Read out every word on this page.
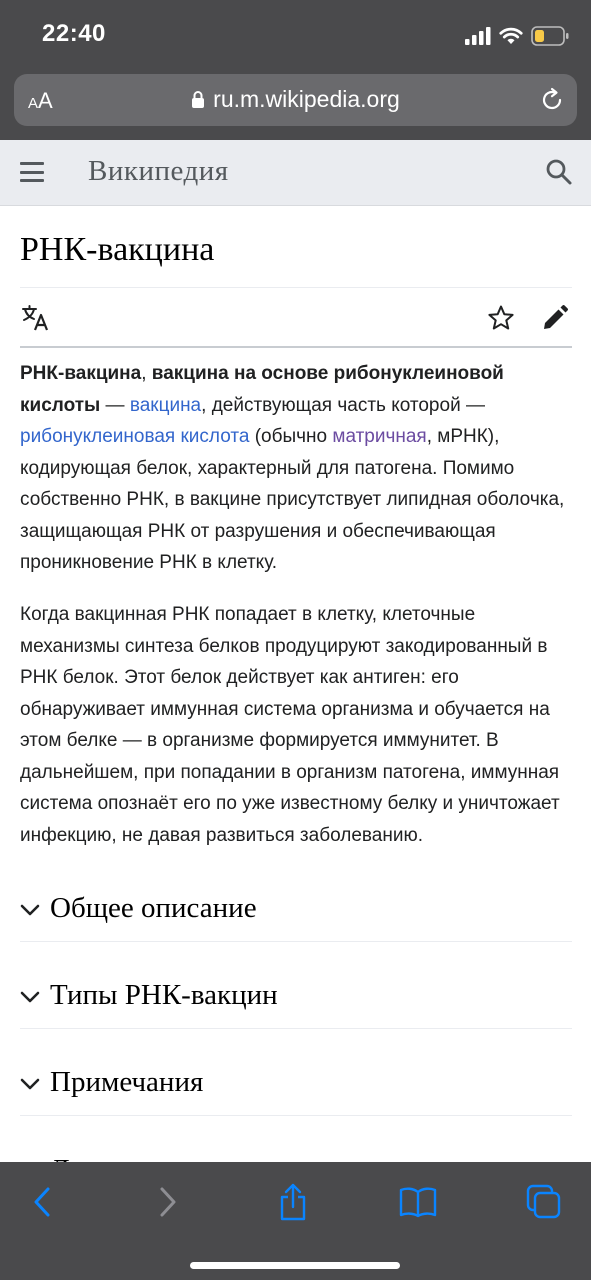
22:40
AA	ru.m.wikipedia.org
Википедия
РНК-вакцина

РНК-вакцина, вакцина на основе рибонуклеиновой кислоты — вакцина, действующая часть которой — рибонуклеиновая кислота (обычно матричная, мРНК), кодирующая белок, характерный для патогена. Помимо собственно РНК, в вакцине присутствует липидная оболочка, защищающая РНК от разрушения и обеспечивающая проникновение РНК в клетку.

Когда вакцинная РНК попадает в клетку, клеточные механизмы синтеза белков продуцируют закодированный в РНК белок. Этот белок действует как антиген: его обнаруживает иммунная система организма и обучается на этом белке — в организме формируется иммунитет. В дальнейшем, при попадании в организм патогена, иммунная система опознаёт его по уже известному белку и уничтожает инфекцию, не давая развиться заболеванию.

Общее описание
Типы РНК-вакцин
Примечания
